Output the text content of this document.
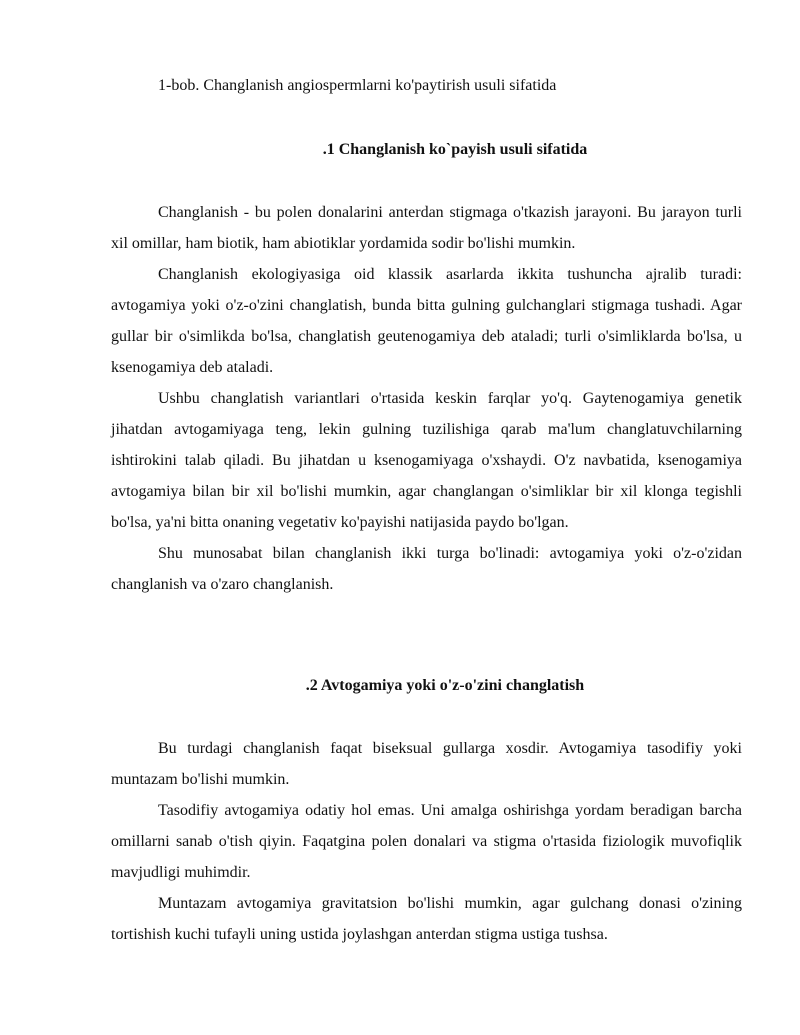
1-bob. Changlanish angiospermlarni ko'paytirish usuli sifatida
.1 Changlanish ko`payish usuli sifatida

Changlanish - bu polen donalarini anterdan stigmaga o'tkazish jarayoni. Bu jarayon turli xil omillar, ham biotik, ham abiotiklar yordamida sodir bo'lishi mumkin.

Changlanish ekologiyasiga oid klassik asarlarda ikkita tushuncha ajralib turadi: avtogamiya yoki o'z-o'zini changlatish, bunda bitta gulning gulchanglari stigmaga tushadi. Agar gullar bir o'simlikda bo'lsa, changlatish geutenogamiya deb ataladi; turli o'simliklarda bo'lsa, u ksenogamiya deb ataladi.

Ushbu changlatish variantlari o'rtasida keskin farqlar yo'q. Gaytenogamiya genetik jihatdan avtogamiyaga teng, lekin gulning tuzilishiga qarab ma'lum changlatuvchilarning ishtirokini talab qiladi. Bu jihatdan u ksenogamiyaga o'xshaydi. O'z navbatida, ksenogamiya avtogamiya bilan bir xil bo'lishi mumkin, agar changlangan o'simliklar bir xil klonga tegishli bo'lsa, ya'ni bitta onaning vegetativ ko'payishi natijasida paydo bo'lgan.

Shu munosabat bilan changlanish ikki turga bo'linadi: avtogamiya yoki o'z-o'zidan changlanish va o'zaro changlanish.

.2 Avtogamiya yoki o'z-o'zini changlatish

Bu turdagi changlanish faqat biseksual gullarga xosdir. Avtogamiya tasodifiy yoki muntazam bo'lishi mumkin.

Tasodifiy avtogamiya odatiy hol emas. Uni amalga oshirishga yordam beradigan barcha omillarni sanab o'tish qiyin. Faqatgina polen donalari va stigma o'rtasida fiziologik muvofiqlik mavjudligi muhimdir.

Muntazam avtogamiya gravitatsion bo'lishi mumkin, agar gulchang donasi o'zining tortishish kuchi tufayli uning ustida joylashgan anterdan stigma ustiga tushsa.
